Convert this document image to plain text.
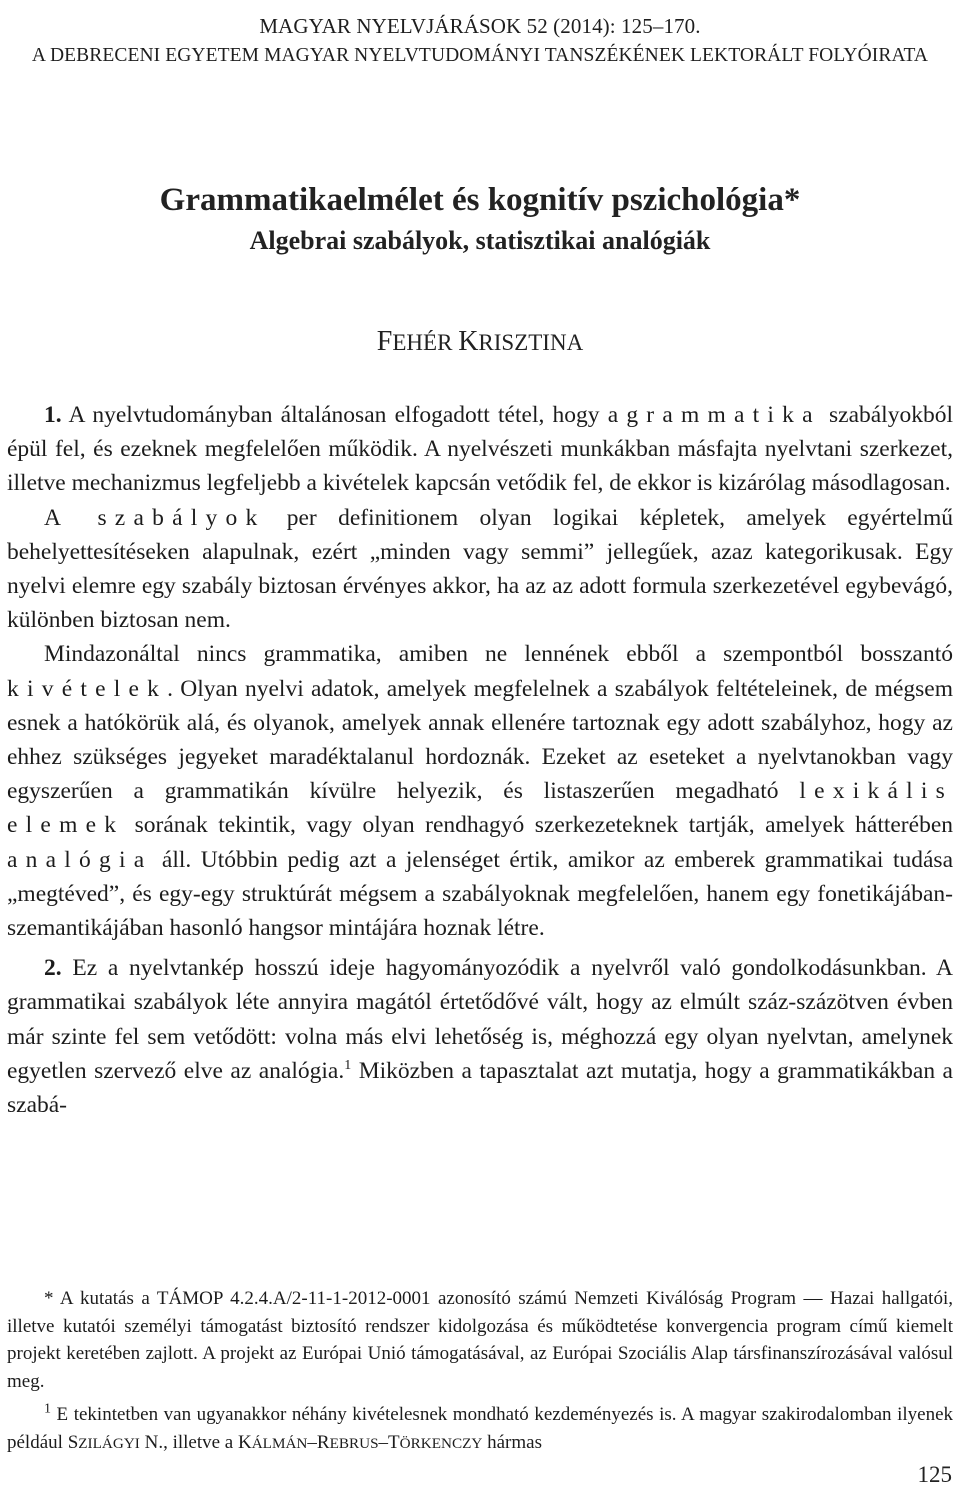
MAGYAR NYELVJÁRÁSOK 52 (2014): 125–170.
A DEBRECENI EGYETEM MAGYAR NYELVTUDOMÁNYI TANSZÉKÉNEK LEKTORÁLT FOLYÓIRATA
Grammatikaelmélet és kognitív pszichológia*
Algebrai szabályok, statisztikai analógiák
FEHÉR KRISZTINA

1. A nyelvtudományban általánosan elfogadott tétel, hogy a grammatika szabályokból épül fel, és ezeknek megfelelően működik. A nyelvészeti munkákban másfajta nyelvtani szerkezet, illetve mechanizmus legfeljebb a kivételek kapcsán vetődik fel, de ekkor is kizárólag másodlagosan.

A szabályok per definitionem olyan logikai képletek, amelyek egyértelmű behelyettesítéseken alapulnak, ezért „minden vagy semmi” jellegűek, azaz kategorikusak. Egy nyelvi elemre egy szabály biztosan érvényes akkor, ha az az adott formula szerkezetével egybevágó, különben biztosan nem.

Mindazonáltal nincs grammatika, amiben ne lennének ebből a szempontból bosszantó kivételek. Olyan nyelvi adatok, amelyek megfelelnek a szabályok feltételeinek, de mégsem esnek a hatókörük alá, és olyanok, amelyek annak ellenére tartoznak egy adott szabályhoz, hogy az ehhez szükséges jegyeket maradéktalanul hordoznák. Ezeket az eseteket a nyelvtanokban vagy egyszerűen a grammatikán kívülre helyezik, és listaszerűen megadható lexikális elemek sorának tekintik, vagy olyan rendhagyó szerkezeteknek tartják, amelyek hátterében analógia áll. Utóbbin pedig azt a jelenséget értik, amikor az emberek grammatikai tudása „megtéved”, és egy-egy struktúrát mégsem a szabályoknak megfelelően, hanem egy fonetikájában-szemantikájában hasonló hangsor mintájára hoznak létre.

2. Ez a nyelvtankép hosszú ideje hagyományozódik a nyelvről való gondolkodásunkban. A grammatikai szabályok léte annyira magától értetődővé vált, hogy az elmúlt száz-százötven évben már szinte fel sem vetődött: volna más elvi lehetőség is, méghozzá egy olyan nyelvtan, amelynek egyetlen szervező elve az analógia.$^1$ Miközben a tapasztalat azt mutatja, hogy a grammatikákban a szabá-

* A kutatás a TÁMOP 4.2.4.A/2-11-1-2012-0001 azonosító számú Nemzeti Kiválóság Program — Hazai hallgatói, illetve kutatói személyi támogatást biztosító rendszer kidolgozása és működtetése konvergencia program című kiemelt projekt keretében zajlott. A projekt az Európai Unió támogatásával, az Európai Szociális Alap társfinanszírozásával valósul meg.

$^1$ E tekintetben van ugyanakkor néhány kivételesnek mondható kezdeményezés is. A magyar szakirodalomban ilyenek például SZILÁGYI N., illetve a KÁLMÁN–REBRUS–TÖRKENCZY hármas

125
